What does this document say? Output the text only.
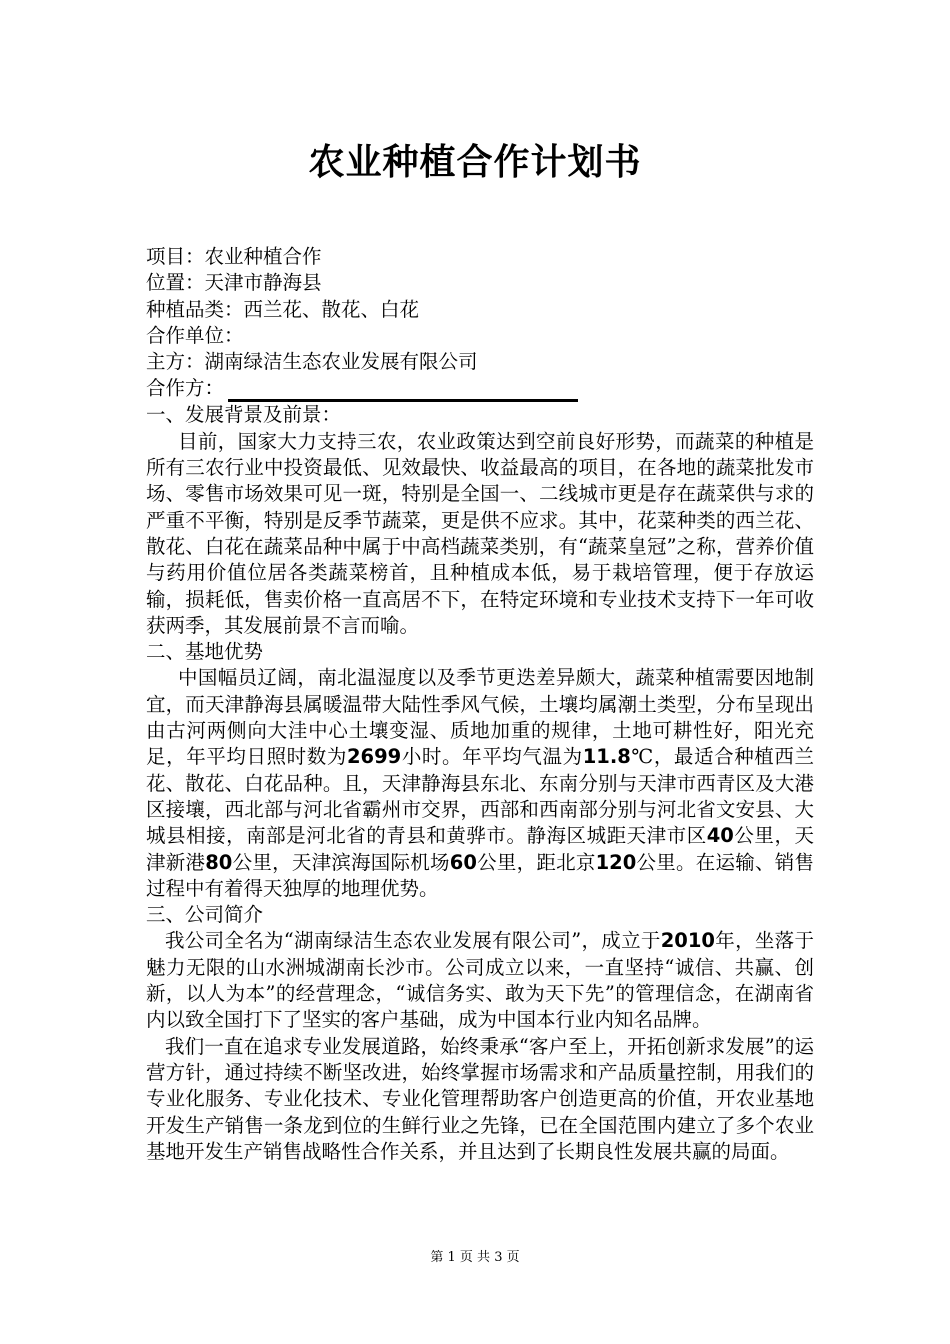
农业种植合作计划书

项目：农业种植合作

位置：天津市静海县

种植品类：西兰花、散花、白花

合作单位：

主方：湖南绿洁生态农业发展有限公司

合作方：

一、发展背景及前景：

目前，国家大力支持三农，农业政策达到空前良好形势，而蔬菜的种植是所有三农行业中投资最低、见效最快、收益最高的项目，在各地的蔬菜批发市场、零售市场效果可见一斑，特别是全国一、二线城市更是存在蔬菜供与求的严重不平衡，特别是反季节蔬菜，更是供不应求。其中，花菜种类的西兰花、散花、白花在蔬菜品种中属于中高档蔬菜类别，有“蔬菜皇冠”之称，营养价值与药用价值位居各类蔬菜榜首，且种植成本低，易于栽培管理，便于存放运输，损耗低，售卖价格一直高居不下，在特定环境和专业技术支持下一年可收获两季，其发展前景不言而喻。

二、基地优势

中国幅员辽阔，南北温湿度以及季节更迭差异颇大，蔬菜种植需要因地制宜，而天津静海县属暖温带大陆性季风气候，土壤均属潮土类型，分布呈现出由古河两侧向大洼中心土壤变湿、质地加重的规律，土地可耕性好，阳光充足，年平均日照时数为2699小时。年平均气温为11.8℃，最适合种植西兰花、散花、白花品种。且，天津静海县东北、东南分别与天津市西青区及大港区接壤，西北部与河北省霸州市交界，西部和西南部分别与河北省文安县、大城县相接，南部是河北省的青县和黄骅市。静海区城距天津市区40公里，天津新港80公里，天津滨海国际机场60公里，距北京120公里。在运输、销售过程中有着得天独厚的地理优势。

三、公司简介

我公司全名为“湖南绿洁生态农业发展有限公司”，成立于2010年，坐落于魅力无限的山水洲城湖南长沙市。公司成立以来，一直坚持“诚信、共赢、创新，以人为本”的经营理念，“诚信务实、敢为天下先”的管理信念，在湖南省内以致全国打下了坚实的客户基础，成为中国本行业内知名品牌。

我们一直在追求专业发展道路，始终秉承“客户至上，开拓创新求发展”的运营方针，通过持续不断坚改进，始终掌握市场需求和产品质量控制，用我们的专业化服务、专业化技术、专业化管理帮助客户创造更高的价值，开农业基地开发生产销售一条龙到位的生鲜行业之先锋，已在全国范围内建立了多个农业基地开发生产销售战略性合作关系，并且达到了长期良性发展共赢的局面。

第 1 页 共 3 页
